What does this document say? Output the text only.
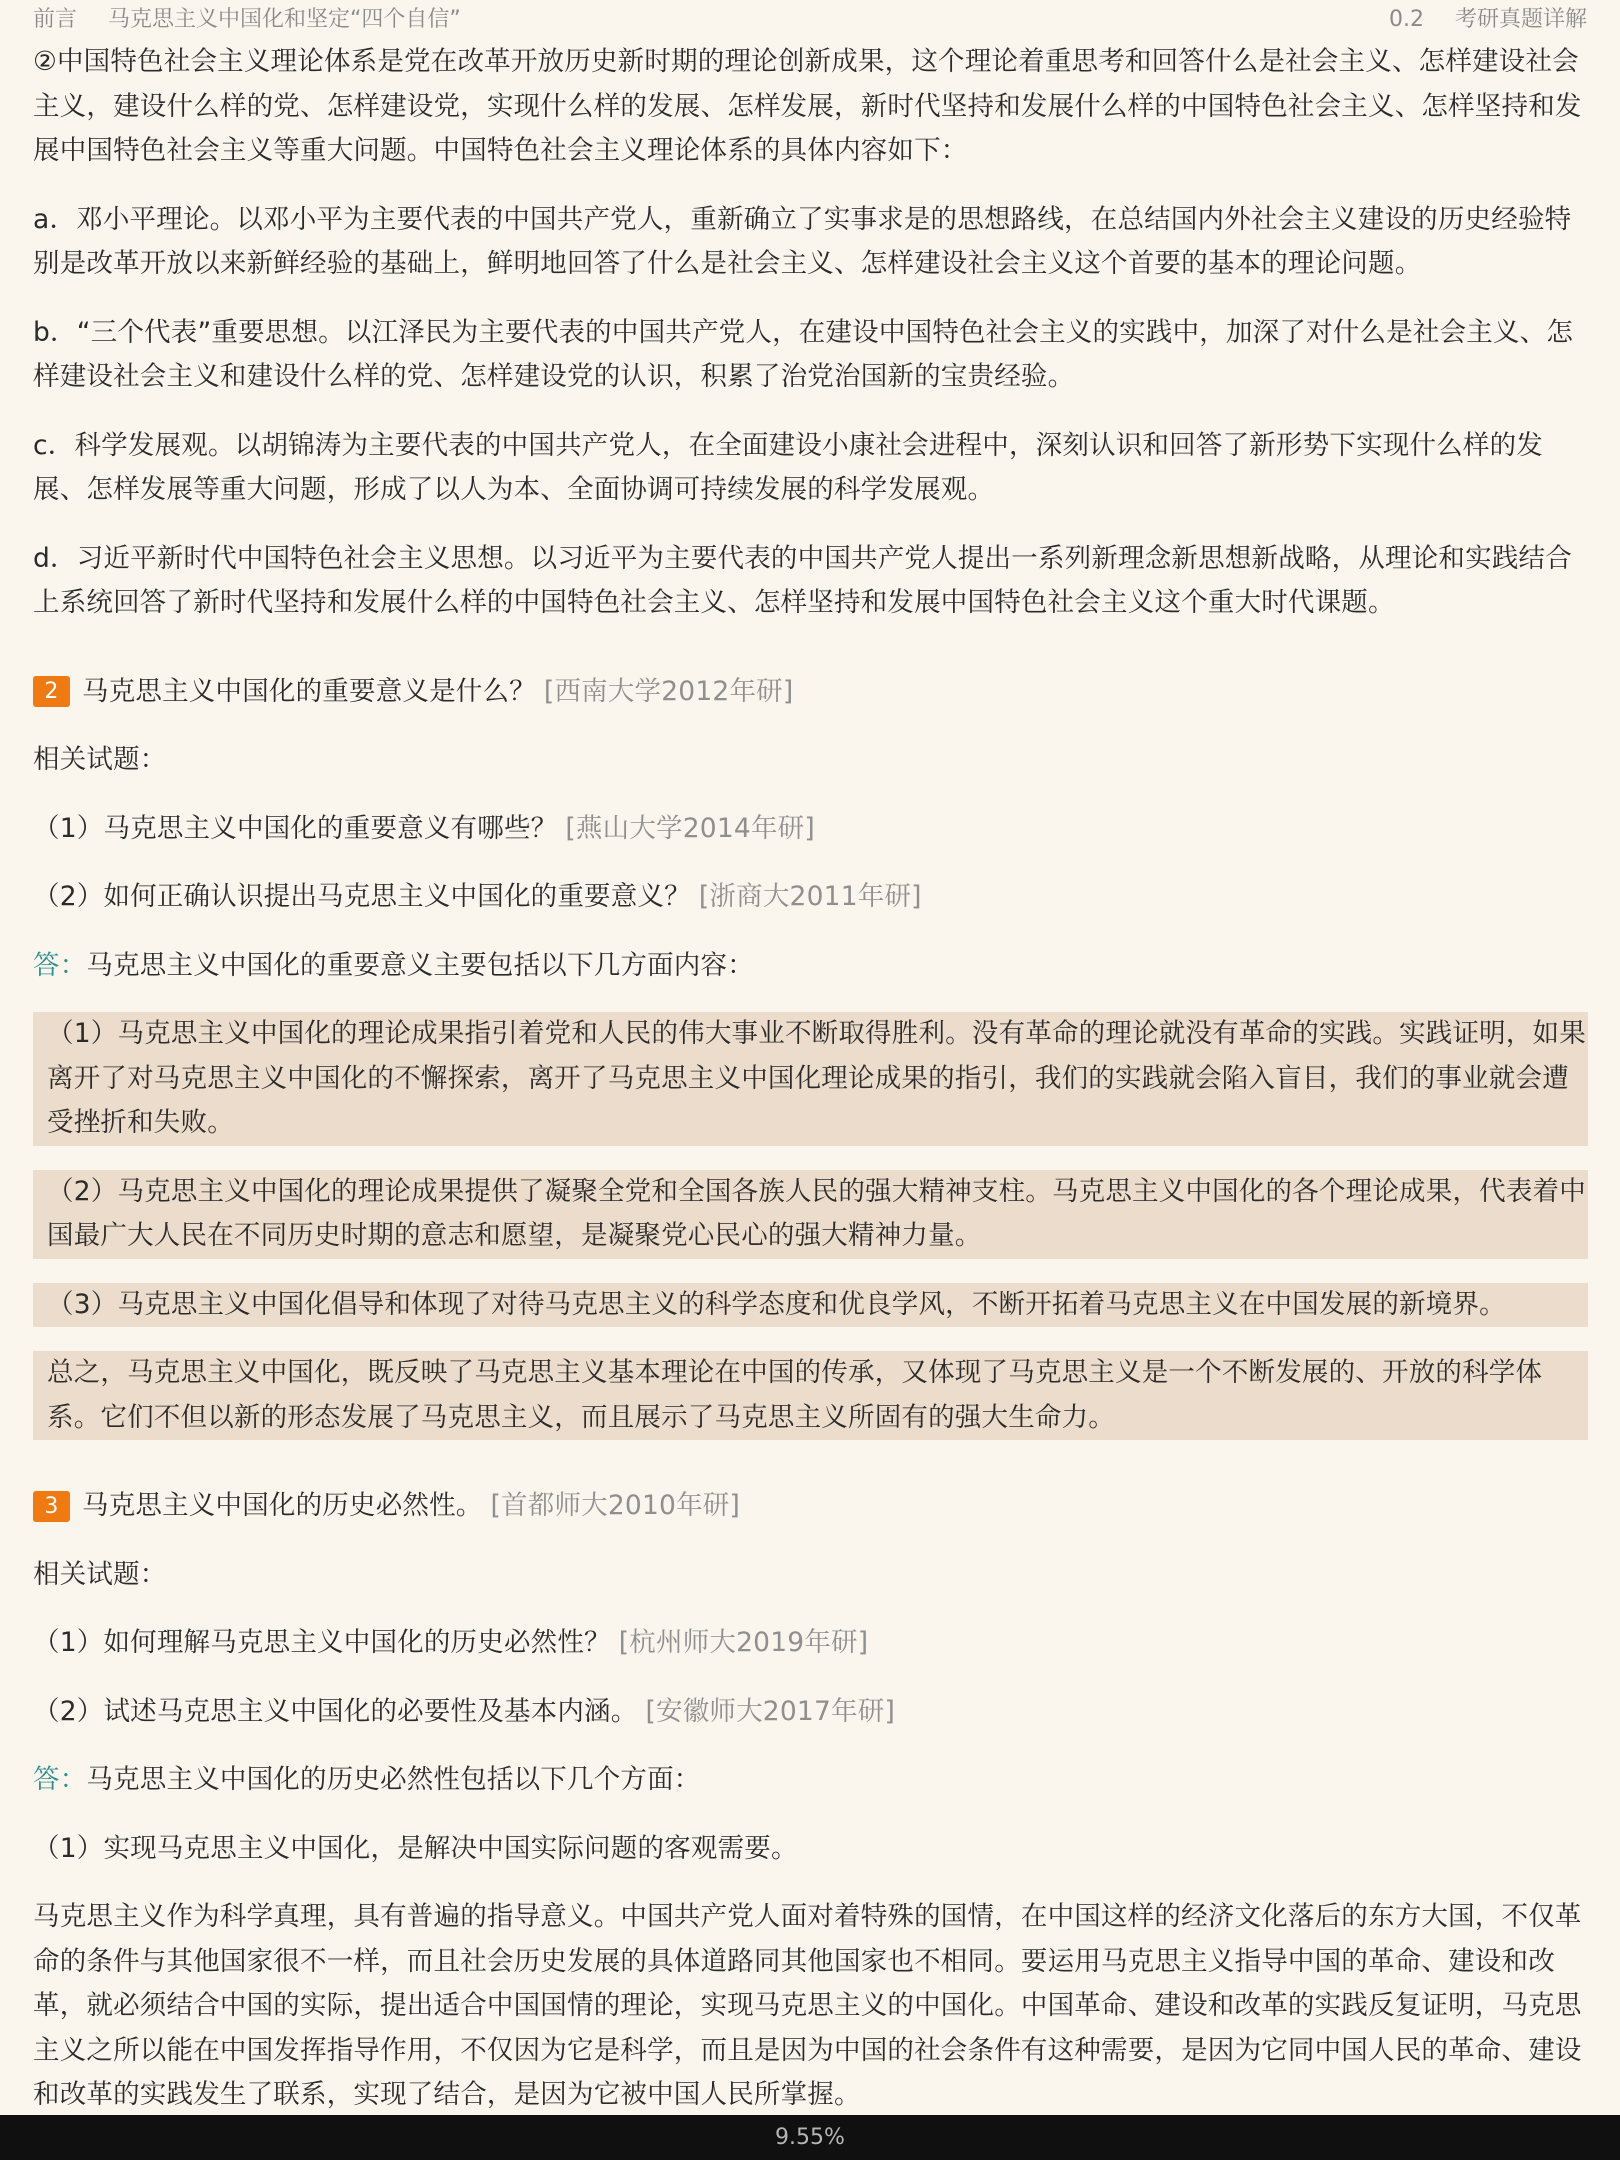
前言 马克思主义中国化和坚定“四个自信”	0.2 考研真题详解

②中国特色社会主义理论体系是党在改革开放历史新时期的理论创新成果，这个理论着重思考和回答什么是社会主义、怎样建设社会主义，建设什么样的党、怎样建设党，实现什么样的发展、怎样发展，新时代坚持和发展什么样的中国特色社会主义、怎样坚持和发展中国特色社会主义等重大问题。中国特色社会主义理论体系的具体内容如下：

a．邓小平理论。以邓小平为主要代表的中国共产党人，重新确立了实事求是的思想路线，在总结国内外社会主义建设的历史经验特别是改革开放以来新鲜经验的基础上，鲜明地回答了什么是社会主义、怎样建设社会主义这个首要的基本的理论问题。

b．“三个代表”重要思想。以江泽民为主要代表的中国共产党人，在建设中国特色社会主义的实践中，加深了对什么是社会主义、怎样建设社会主义和建设什么样的党、怎样建设党的认识，积累了治党治国新的宝贵经验。

c．科学发展观。以胡锦涛为主要代表的中国共产党人，在全面建设小康社会进程中，深刻认识和回答了新形势下实现什么样的发展、怎样发展等重大问题，形成了以人为本、全面协调可持续发展的科学发展观。

d．习近平新时代中国特色社会主义思想。以习近平为主要代表的中国共产党人提出一系列新理念新思想新战略，从理论和实践结合上系统回答了新时代坚持和发展什么样的中国特色社会主义、怎样坚持和发展中国特色社会主义这个重大时代课题。

2 马克思主义中国化的重要意义是什么？ [西南大学2012年研]

相关试题：

（1）马克思主义中国化的重要意义有哪些？ [燕山大学2014年研]

（2）如何正确认识提出马克思主义中国化的重要意义？ [浙商大2011年研]

答：马克思主义中国化的重要意义主要包括以下几方面内容：

（1）马克思主义中国化的理论成果指引着党和人民的伟大事业不断取得胜利。没有革命的理论就没有革命的实践。实践证明，如果离开了对马克思主义中国化的不懈探索，离开了马克思主义中国化理论成果的指引，我们的实践就会陷入盲目，我们的事业就会遭受挫折和失败。

（2）马克思主义中国化的理论成果提供了凝聚全党和全国各族人民的强大精神支柱。马克思主义中国化的各个理论成果，代表着中国最广大人民在不同历史时期的意志和愿望，是凝聚党心民心的强大精神力量。

（3）马克思主义中国化倡导和体现了对待马克思主义的科学态度和优良学风，不断开拓着马克思主义在中国发展的新境界。

总之，马克思主义中国化，既反映了马克思主义基本理论在中国的传承，又体现了马克思主义是一个不断发展的、开放的科学体系。它们不但以新的形态发展了马克思主义，而且展示了马克思主义所固有的强大生命力。

3 马克思主义中国化的历史必然性。 [首都师大2010年研]

相关试题：

（1）如何理解马克思主义中国化的历史必然性？ [杭州师大2019年研]

（2）试述马克思主义中国化的必要性及基本内涵。 [安徽师大2017年研]

答：马克思主义中国化的历史必然性包括以下几个方面：

（1）实现马克思主义中国化，是解决中国实际问题的客观需要。

马克思主义作为科学真理，具有普遍的指导意义。中国共产党人面对着特殊的国情，在中国这样的经济文化落后的东方大国，不仅革命的条件与其他国家很不一样，而且社会历史发展的具体道路同其他国家也不相同。要运用马克思主义指导中国的革命、建设和改革，就必须结合中国的实际，提出适合中国国情的理论，实现马克思主义的中国化。中国革命、建设和改革的实践反复证明，马克思主义之所以能在中国发挥指导作用，不仅因为它是科学，而且是因为中国的社会条件有这种需要，是因为它同中国人民的革命、建设和改革的实践发生了联系，实现了结合，是因为它被中国人民所掌握。

9.55%
